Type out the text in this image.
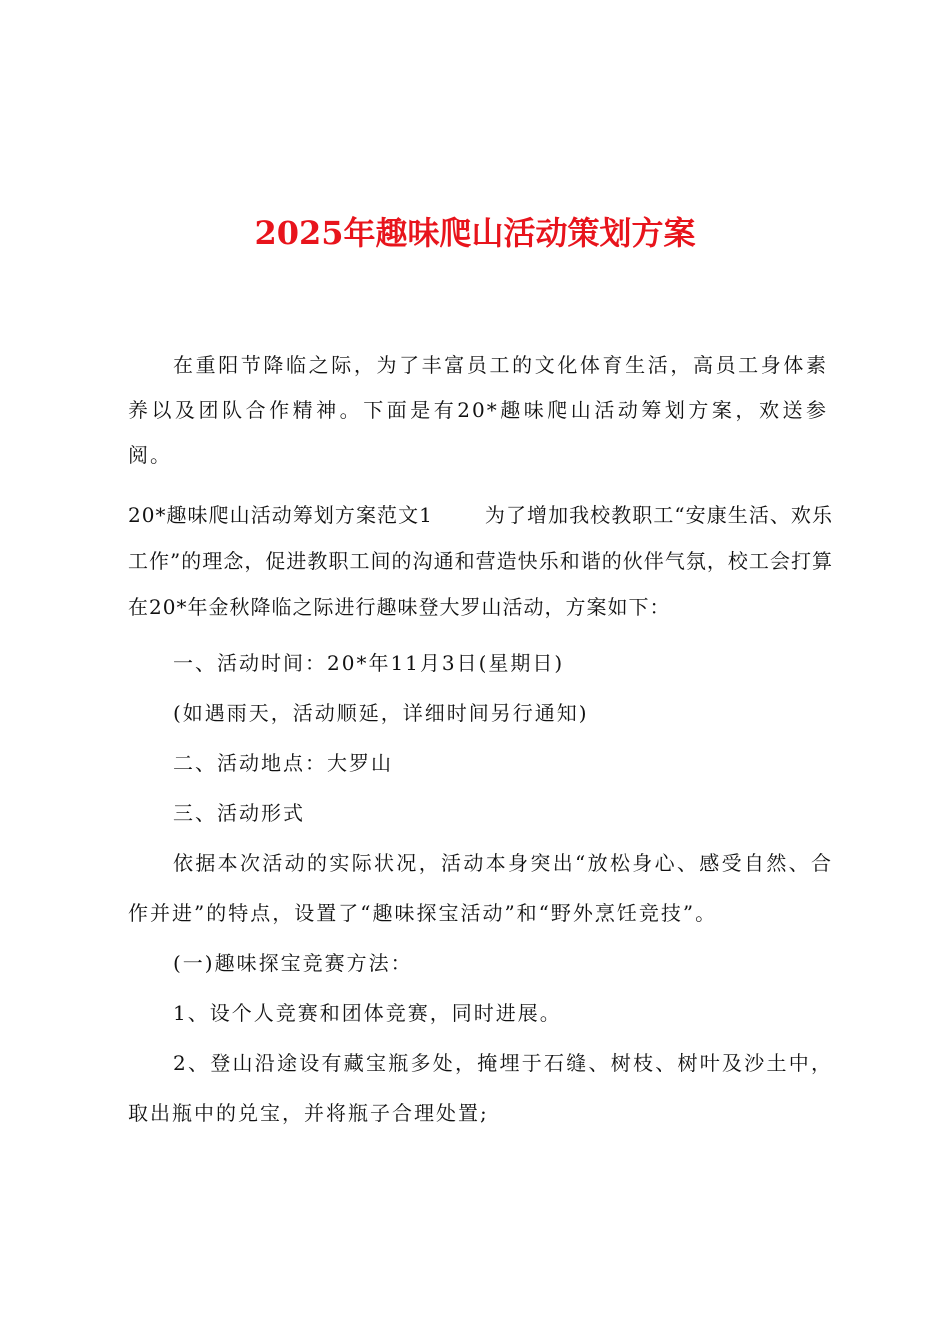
2025年趣味爬山活动策划方案

在重阳节降临之际，为了丰富员工的文化体育生活，高员工身体素养以及团队合作精神。下面是有20*趣味爬山活动筹划方案，欢送参阅。

20*趣味爬山活动筹划方案范文1	为了增加我校教职工“安康生活、欢乐工作”的理念，促进教职工间的沟通和营造快乐和谐的伙伴气氛，校工会打算在20*年金秋降临之际进行趣味登大罗山活动，方案如下：

一、活动时间：20*年11月3日(星期日)

(如遇雨天，活动顺延，详细时间另行通知)

二、活动地点：大罗山

三、活动形式

依据本次活动的实际状况，活动本身突出“放松身心、感受自然、合作并进”的特点，设置了“趣味探宝活动”和“野外烹饪竞技”。

(一)趣味探宝竞赛方法：

1、设个人竞赛和团体竞赛，同时进展。

2、登山沿途设有藏宝瓶多处，掩埋于石缝、树枝、树叶及沙土中，取出瓶中的兑宝，并将瓶子合理处置;
